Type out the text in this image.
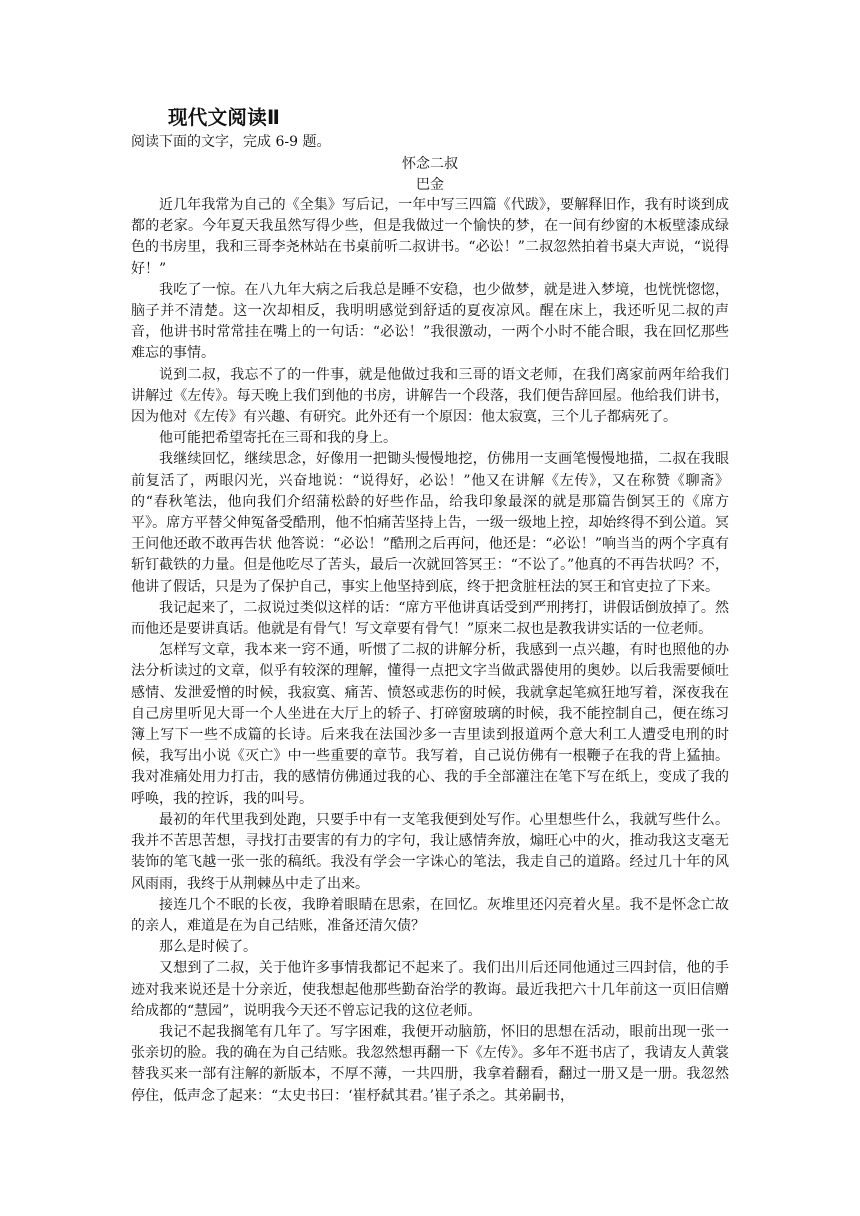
现代文阅读Ⅱ

阅读下面的文字，完成 6-9 题。

怀念二叔

巴金

近几年我常为自己的《全集》写后记，一年中写三四篇《代跋》，要解释旧作，我有时谈到成都的老家。今年夏天我虽然写得少些，但是我做过一个愉快的梦，在一间有纱窗的木板壁漆成绿色的书房里，我和三哥李尧林站在书桌前听二叔讲书。“必讼！”二叔忽然拍着书桌大声说，“说得好！”

我吃了一惊。在八九年大病之后我总是睡不安稳，也少做梦，就是进入梦境，也恍恍惚惚，脑子并不清楚。这一次却相反，我明明感觉到舒适的夏夜凉风。醒在床上，我还听见二叔的声音，他讲书时常常挂在嘴上的一句话：“必讼！”我很激动，一两个小时不能合眼，我在回忆那些难忘的事情。

说到二叔，我忘不了的一件事，就是他做过我和三哥的语文老师，在我们离家前两年给我们讲解过《左传》。每天晚上我们到他的书房，讲解告一个段落，我们便告辞回屋。他给我们讲书，因为他对《左传》有兴趣、有研究。此外还有一个原因：他太寂寞，三个儿子都病死了。

他可能把希望寄托在三哥和我的身上。

我继续回忆，继续思念，好像用一把锄头慢慢地挖，仿佛用一支画笔慢慢地描，二叔在我眼前复活了，两眼闪光，兴奋地说：“说得好，必讼！”他又在讲解《左传》，又在称赞《聊斋》的“春秋笔法，他向我们介绍蒲松龄的好些作品，给我印象最深的就是那篇告倒冥王的《席方平》。席方平替父伸冤备受酷刑，他不怕痛苦坚持上告，一级一级地上控，却始终得不到公道。冥王问他还敢不敢再告状 他答说：“必讼！”酷刑之后再问，他还是：“必讼！”响当当的两个字真有斩钉截铁的力量。但是他吃尽了苦头，最后一次就回答冥王：“不讼了。”他真的不再告状吗？不，他讲了假话，只是为了保护自己，事实上他坚持到底，终于把贪脏枉法的冥王和官吏拉了下来。

我记起来了，二叔说过类似这样的话：“席方平他讲真话受到严刑拷打，讲假话倒放掉了。然而他还是要讲真话。他就是有骨气！写文章要有骨气！”原来二叔也是教我讲实话的一位老师。

怎样写文章，我本来一窍不通，听惯了二叔的讲解分析，我感到一点兴趣，有时也照他的办法分析读过的文章，似乎有较深的理解，懂得一点把文字当做武器使用的奥妙。以后我需要倾吐感情、发泄爱憎的时候，我寂寞、痛苦、愤怒或悲伤的时候，我就拿起笔疯狂地写着，深夜我在自己房里听见大哥一个人坐进在大厅上的轿子、打碎窗玻璃的时候，我不能控制自己，便在练习簿上写下一些不成篇的长诗。后来我在法国沙多一吉里读到报道两个意大利工人遭受电刑的时候，我写出小说《灭亡》中一些重要的章节。我写着，自己说仿佛有一根鞭子在我的背上猛抽。我对准痛处用力打击，我的感情仿佛通过我的心、我的手全部灌注在笔下写在纸上，变成了我的呼唤，我的控诉，我的叫号。

最初的年代里我到处跑，只要手中有一支笔我便到处写作。心里想些什么，我就写些什么。我并不苦思苦想，寻找打击要害的有力的字句，我让感情奔放，煽旺心中的火，推动我这支毫无装饰的笔飞越一张一张的稿纸。我没有学会一字诛心的笔法，我走自己的道路。经过几十年的风风雨雨，我终于从荆棘丛中走了出来。

接连几个不眠的长夜，我睁着眼睛在思索，在回忆。灰堆里还闪亮着火星。我不是怀念亡故的亲人，难道是在为自己结账，准备还清欠债？

那么是时候了。

又想到了二叔，关于他许多事情我都记不起来了。我们出川后还同他通过三四封信，他的手迹对我来说还是十分亲近，使我想起他那些勤奋治学的教诲。最近我把六十几年前这一页旧信赠给成都的“慧园”，说明我今天还不曾忘记我的这位老师。

我记不起我搁笔有几年了。写字困难，我便开动脑筋，怀旧的思想在活动，眼前出现一张一张亲切的脸。我的确在为自己结账。我忽然想再翻一下《左传》。多年不逛书店了，我请友人黄裳替我买来一部有注解的新版本，不厚不薄，一共四册，我拿着翻看，翻过一册又是一册。我忽然停住，低声念了起来：“太史书曰：‘崔杼弑其君。’崔子杀之。其弟嗣书，
